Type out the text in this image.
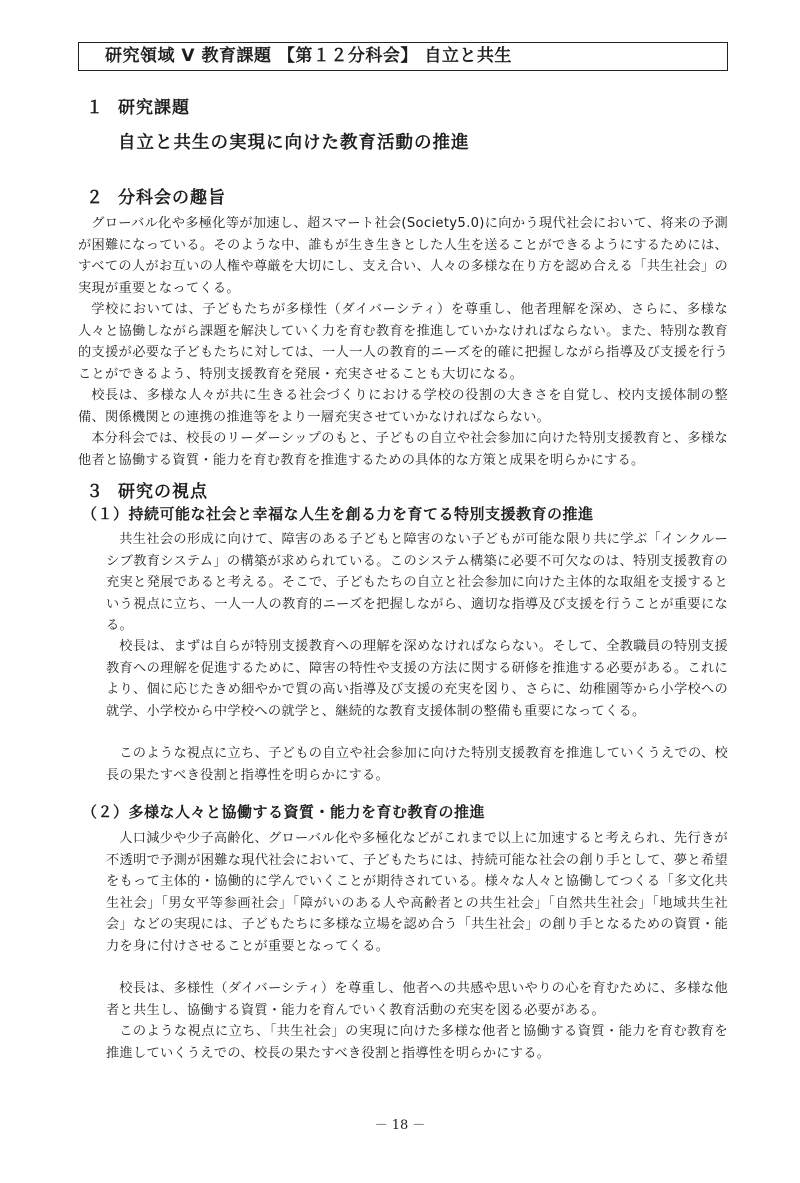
研究領域 Ⅴ 教育課題 【第１２分科会】 自立と共生
１ 研究課題
自立と共生の実現に向けた教育活動の推進
２ 分科会の趣旨

グローバル化や多極化等が加速し、超スマート社会(Society5.0)に向かう現代社会において、将来の予測が困難になっている。そのような中、誰もが生き生きとした人生を送ることができるようにするためには、すべての人がお互いの人権や尊厳を大切にし、支え合い、人々の多様な在り方を認め合える「共生社会」の実現が重要となってくる。

学校においては、子どもたちが多様性（ダイバーシティ）を尊重し、他者理解を深め、さらに、多様な人々と協働しながら課題を解決していく力を育む教育を推進していかなければならない。また、特別な教育的支援が必要な子どもたちに対しては、一人一人の教育的ニーズを的確に把握しながら指導及び支援を行うことができるよう、特別支援教育を発展・充実させることも大切になる。

校長は、多様な人々が共に生きる社会づくりにおける学校の役割の大きさを自覚し、校内支援体制の整備、関係機関との連携の推進等をより一層充実させていかなければならない。

本分科会では、校長のリーダーシップのもと、子どもの自立や社会参加に向けた特別支援教育と、多様な他者と協働する資質・能力を育む教育を推進するための具体的な方策と成果を明らかにする。

３ 研究の視点
（１）持続可能な社会と幸福な人生を創る力を育てる特別支援教育の推進

共生社会の形成に向けて、障害のある子どもと障害のない子どもが可能な限り共に学ぶ「インクルーシブ教育システム」の構築が求められている。このシステム構築に必要不可欠なのは、特別支援教育の充実と発展であると考える。そこで、子どもたちの自立と社会参加に向けた主体的な取組を支援するという視点に立ち、一人一人の教育的ニーズを把握しながら、適切な指導及び支援を行うことが重要になる。

校長は、まずは自らが特別支援教育への理解を深めなければならない。そして、全教職員の特別支援教育への理解を促進するために、障害の特性や支援の方法に関する研修を推進する必要がある。これにより、個に応じたきめ細やかで質の高い指導及び支援の充実を図り、さらに、幼稚園等から小学校への就学、小学校から中学校への就学と、継続的な教育支援体制の整備も重要になってくる。

このような視点に立ち、子どもの自立や社会参加に向けた特別支援教育を推進していくうえでの、校長の果たすべき役割と指導性を明らかにする。

（２）多様な人々と協働する資質・能力を育む教育の推進

人口減少や少子高齢化、グローバル化や多極化などがこれまで以上に加速すると考えられ、先行きが不透明で予測が困難な現代社会において、子どもたちには、持続可能な社会の創り手として、夢と希望をもって主体的・協働的に学んでいくことが期待されている。様々な人々と協働してつくる「多文化共生社会」「男女平等参画社会」「障がいのある人や高齢者との共生社会」「自然共生社会」「地域共生社会」などの実現には、子どもたちに多様な立場を認め合う「共生社会」の創り手となるための資質・能力を身に付けさせることが重要となってくる。

校長は、多様性（ダイバーシティ）を尊重し、他者への共感や思いやりの心を育むために、多様な他者と共生し、協働する資質・能力を育んでいく教育活動の充実を図る必要がある。

このような視点に立ち、「共生社会」の実現に向けた多様な他者と協働する資質・能力を育む教育を推進していくうえでの、校長の果たすべき役割と指導性を明らかにする。

－ 18 －
